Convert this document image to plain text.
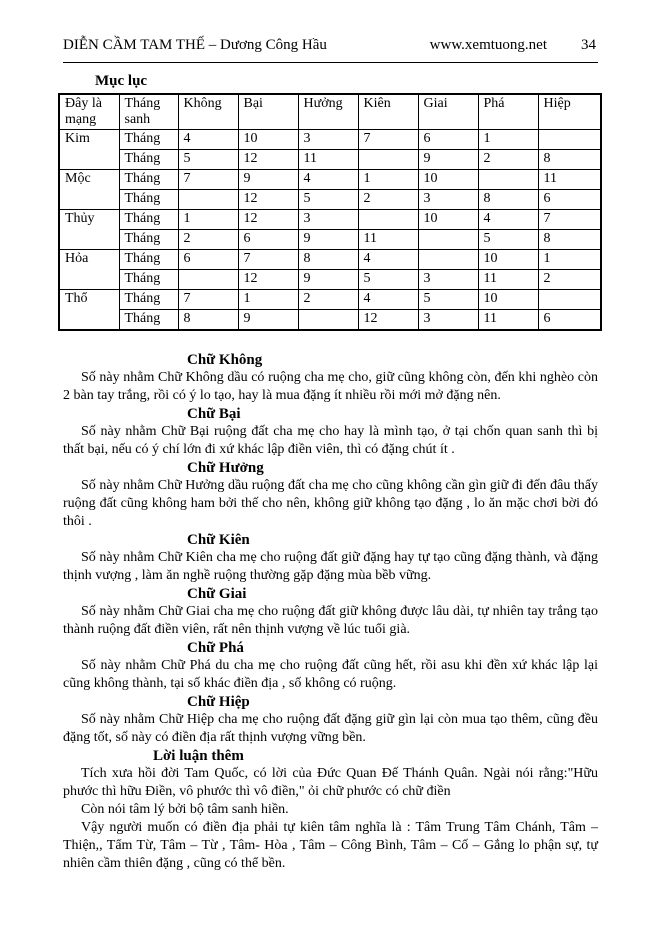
DIỄN CẦM TAM THẾ – Dương Công Hầu	www.xemtuong.net 34
Mục lục
Đây là mạng	Tháng sanh	Không	Bại	Hưởng	Kiên	Giai	Phá	Hiệp
Kim	Tháng	4	10	3	7	6	1	
	Tháng	5	12	11		9	2	8
Mộc	Tháng	7	9	4	1	10		11
	Tháng		12	5	2	3	8	6
Thủy	Tháng	1	12	3		10	4	7
	Tháng	2	6	9	11		5	8
Hỏa	Tháng	6	7	8	4		10	1
	Tháng		12	9	5	3	11	2
Thổ	Tháng	7	1	2	4	5	10	
	Tháng	8	9		12	3	11	6
Chữ Không

Số này nhằm Chữ Không dầu có ruộng cha mẹ cho, giữ cũng không còn, đến khi nghèo còn 2 bàn tay trắng, rồi có ý lo tạo, hay là mua đặng ít nhiều rồi mới mở đặng nên.

Chữ Bại

Số này nhằm Chữ Bại ruộng đất cha mẹ cho hay là mình tạo, ở tại chốn quan sanh thì bị thất bại, nếu có ý chí lớn đi xứ khác lập điền viên, thì có đặng chút ít .

Chữ Hưởng

Số này nhằm Chữ Hưởng dầu ruộng đất cha mẹ cho cũng không cần gìn giữ đi đến đâu thấy ruộng đất cũng không ham bởi thế cho nên, không giữ không tạo đặng , lo ăn mặc chơi bời đó thôi .

Chữ Kiên

Số này nhằm Chữ Kiên cha mẹ cho ruộng đất giữ đặng hay tự tạo cũng đặng thành, và đặng thịnh vượng , làm ăn nghề ruộng thường gặp đặng mùa bềb vững.

Chữ Giai

Số này nhằm Chữ Giai cha mẹ cho ruộng đất giữ không được lâu dài, tự nhiên tay trắng tạo thành ruộng đất điền viên, rất nên thịnh vượng về lúc tuổi già.

Chữ Phá

Số này nhằm Chữ Phá du cha mẹ cho ruộng đất cũng hết, rồi asu khi đền xứ khác lập lại cũng không thành, tại số khác điền địa , số không có ruộng.

Chữ Hiệp

Số này nhằm Chữ Hiệp cha mẹ cho ruộng đất đặng giữ gìn lại còn mua tạo thêm, cũng đều đặng tốt, số này có điền địa rất thịnh vượng vững bền.

Lời luận thêm

Tích xưa hồi đời Tam Quốc, có lời của Đức Quan Đế Thánh Quân. Ngài nói rằng:"Hữu phước thì hữu Điền, vô phước thì vô điền," ỏi chữ phước có chữ điền

Còn nói tâm lý bởi bộ tâm sanh hiền.

Vậy người muốn có điền địa phải tự kiên tâm nghĩa là : Tâm Trung Tâm Chánh, Tâm – Thiện,, Tẩm Từ, Tâm – Từ , Tâm- Hòa , Tâm – Công Bình, Tâm – Cố – Gắng lo phận sự, tự nhiên cầm thiên đặng , cũng có thể bền.
